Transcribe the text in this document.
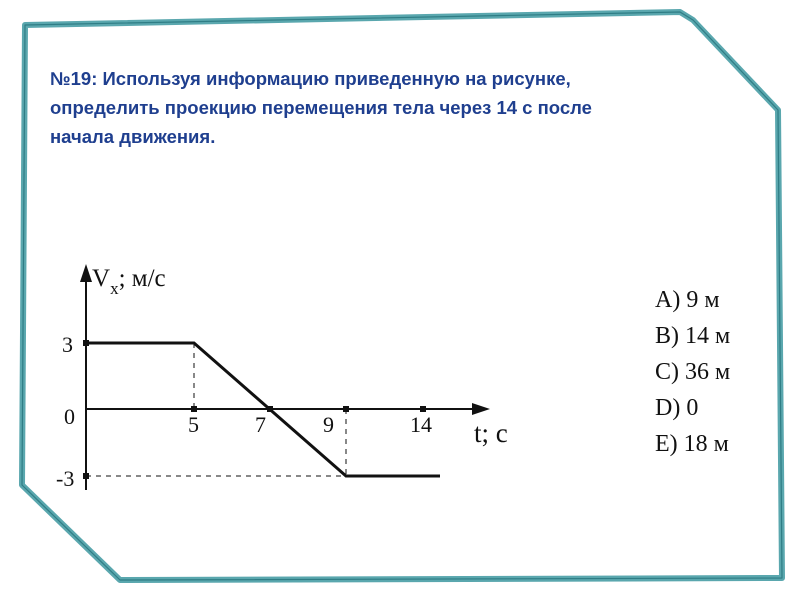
№19: Используя информацию приведенную на рисунке,
определить проекцию перемещения тела через 14 с после
начала движения.

$V_x$; м/с
t; с
3
0
-3
5	7	9	14
A) 9 м
B) 14 м
C) 36 м
D) 0
E) 18 м
